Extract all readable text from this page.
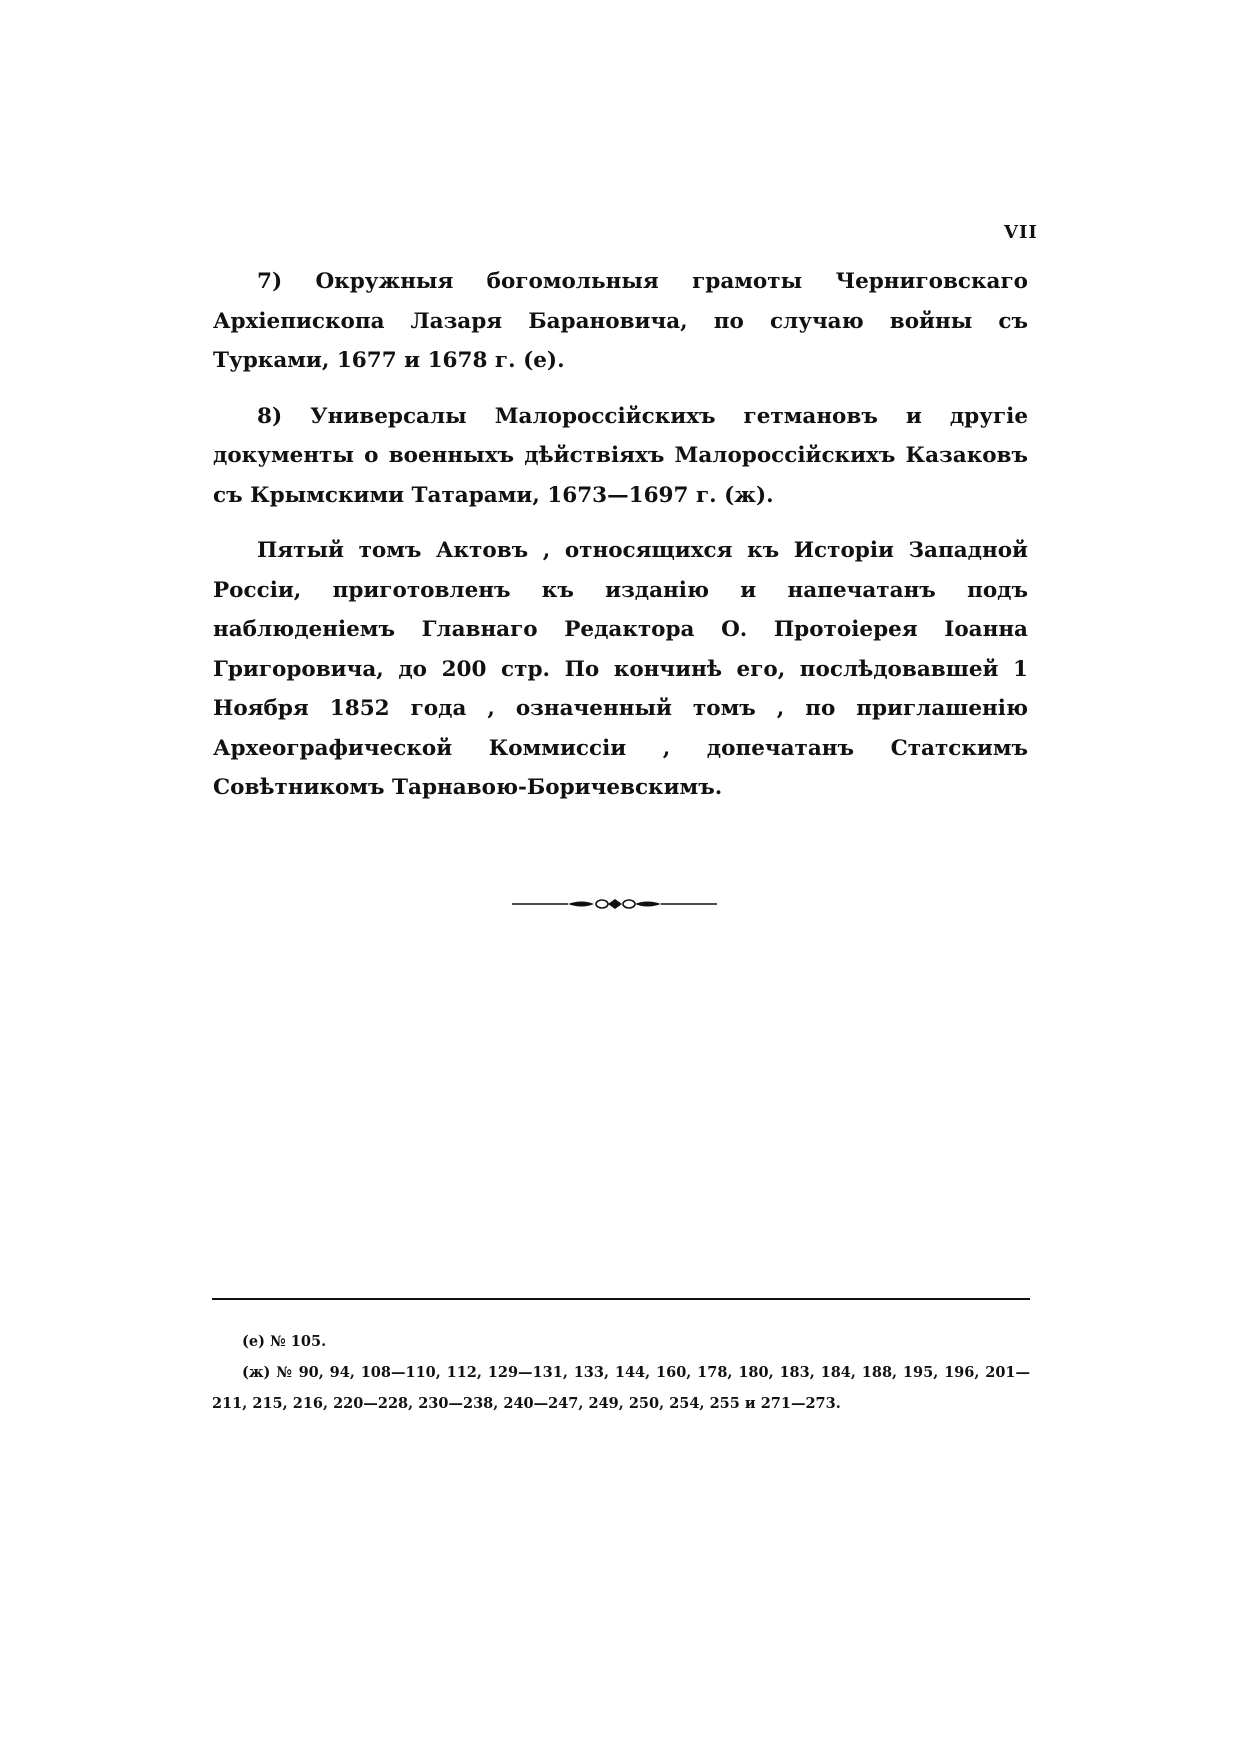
VII

7) Окружныя богомольныя грамоты Черниговскаго Архіепископа Лазаря Барановича, по случаю войны съ Турками, 1677 и 1678 г. (е).

8) Универсалы Малороссійскихъ гетмановъ и другіе документы о военныхъ дѣйствіяхъ Малороссійскихъ Казаковъ съ Крымскими Татарами, 1673—1697 г. (ж).

Пятый томъ Актовъ , относящихся къ Исторіи Западной Россіи, приготовленъ къ изданію и напечатанъ подъ наблюденіемъ Главнаго Редактора О. Протоіерея Іоанна Григоровича, до 200 стр. По кончинѣ его, послѣдовавшей 1 Ноября 1852 года , означенный томъ , по приглашенію Археографической Коммиссіи , допечатанъ Статскимъ Совѣтникомъ Тарнавою-Боричевскимъ.

(е) № 105.

(ж) № 90, 94, 108—110, 112, 129—131, 133, 144, 160, 178, 180, 183, 184, 188, 195, 196, 201—211, 215, 216, 220—228, 230—238, 240—247, 249, 250, 254, 255 и 271—273.
